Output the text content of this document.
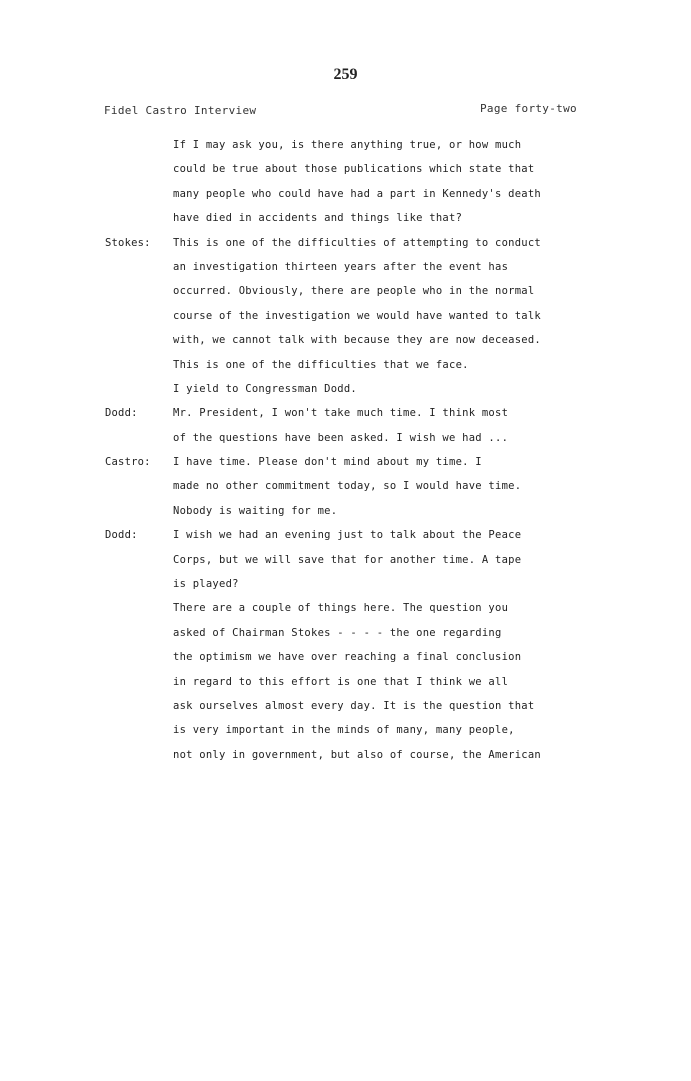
259
Fidel Castro Interview	Page forty-two
If I may ask you, is there anything true, or how much
could be true about those publications which state that
many people who could have had a part in Kennedy's death
have died in accidents and things like that?
Stokes: This is one of the difficulties of attempting to conduct
an investigation thirteen years after the event has
occurred. Obviously, there are people who in the normal
course of the investigation we would have wanted to talk
with, we cannot talk with because they are now deceased.
This is one of the difficulties that we face.
I yield to Congressman Dodd.
Dodd:	Mr. President, I won't take much time. I think most
of the questions have been asked. I wish we had ...
Castro: I have time. Please don't mind about my time. I
made no other commitment today, so I would have time.
Nobody is waiting for me.
Dodd:	I wish we had an evening just to talk about the Peace
Corps, but we will save that for another time. A tape
is played?
There are a couple of things here. The question you
asked of Chairman Stokes - - - - the one regarding
the optimism we have over reaching a final conclusion
in regard to this effort is one that I think we all
ask ourselves almost every day. It is the question that
is very important in the minds of many, many people,
not only in government, but also of course, the American
